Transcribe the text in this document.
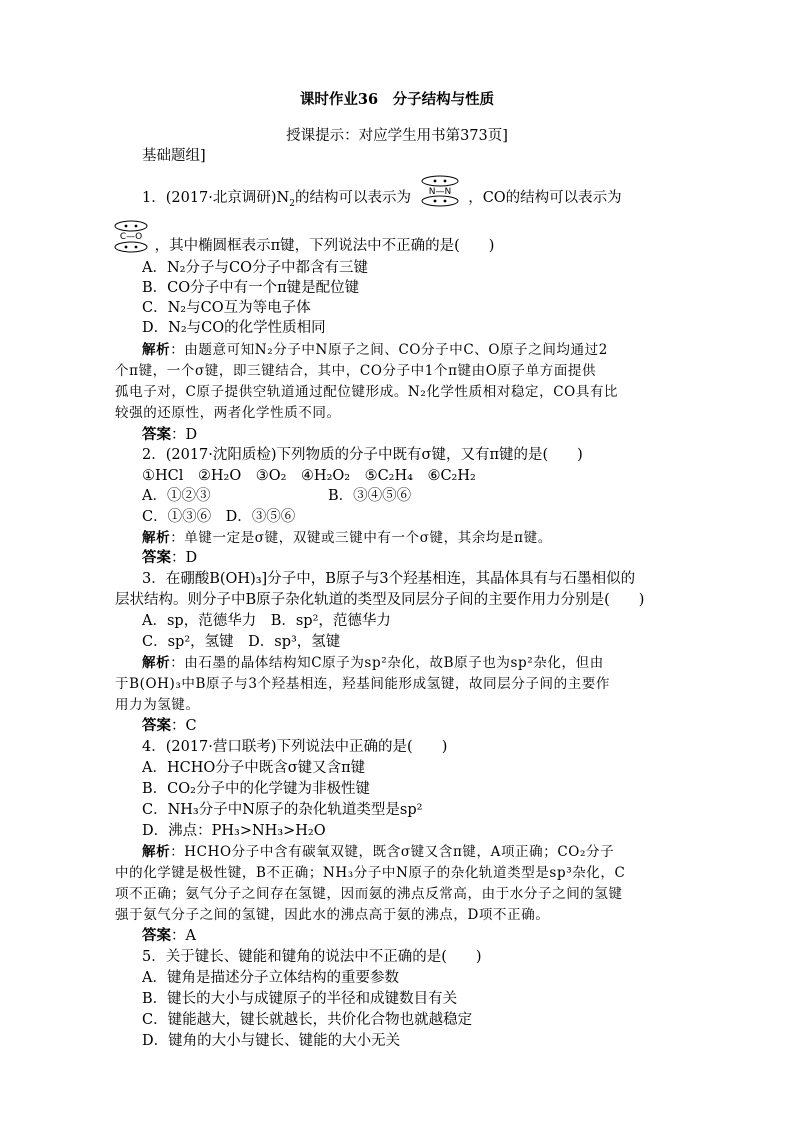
课时作业36　分子结构与性质
授课提示：对应学生用书第373页]
基础题组]
1．(2017·北京调研)$N_2$的结构可以表示为 N—N ，CO的结构可以表示为
C—O
，其中椭圆框表示π键，下列说法中不正确的是(　　)
A．N₂分子与CO分子中都含有三键
B．CO分子中有一个π键是配位键
C．N₂与CO互为等电子体
D．N₂与CO的化学性质相同
解析：由题意可知N₂分子中N原子之间、CO分子中C、O原子之间均通过2
个π键，一个σ键，即三键结合，其中，CO分子中1个π键由O原子单方面提供
孤电子对，C原子提供空轨道通过配位键形成。N₂化学性质相对稳定，CO具有比
较强的还原性，两者化学性质不同。
答案：D
2．(2017·沈阳质检)下列物质的分子中既有σ键，又有π键的是(　　)
①HCl　②H₂O　③O₂　④H₂O₂　⑤C₂H₄　⑥C₂H₂
A．①②③	B．③④⑤⑥
C．①③⑥　D．③⑤⑥
解析：单键一定是σ键，双键或三键中有一个σ键，其余均是π键。
答案：D
3．在硼酸B(OH)₃]分子中，B原子与3个羟基相连，其晶体具有与石墨相似的
层状结构。则分子中B原子杂化轨道的类型及同层分子间的主要作用力分别是(　　)
A．sp，范德华力　B．sp²，范德华力
C．sp²，氢键　D．sp³，氢键
解析：由石墨的晶体结构知C原子为sp²杂化，故B原子也为sp²杂化，但由
于B(OH)₃中B原子与3个羟基相连，羟基间能形成氢键，故同层分子间的主要作
用力为氢键。
答案：C
4．(2017·营口联考)下列说法中正确的是(　　)
A．HCHO分子中既含σ键又含π键
B．CO₂分子中的化学键为非极性键
C．NH₃分子中N原子的杂化轨道类型是sp²
D．沸点：PH₃>NH₃>H₂O
解析：HCHO分子中含有碳氧双键，既含σ键又含π键，A项正确；CO₂分子
中的化学键是极性键，B不正确；NH₃分子中N原子的杂化轨道类型是sp³杂化，C
项不正确；氨气分子之间存在氢键，因而氨的沸点反常高，由于水分子之间的氢键
强于氨气分子之间的氢键，因此水的沸点高于氨的沸点，D项不正确。
答案：A
5．关于键长、键能和键角的说法中不正确的是(　　)
A．键角是描述分子立体结构的重要参数
B．键长的大小与成键原子的半径和成键数目有关
C．键能越大，键长就越长，共价化合物也就越稳定
D．键角的大小与键长、键能的大小无关
